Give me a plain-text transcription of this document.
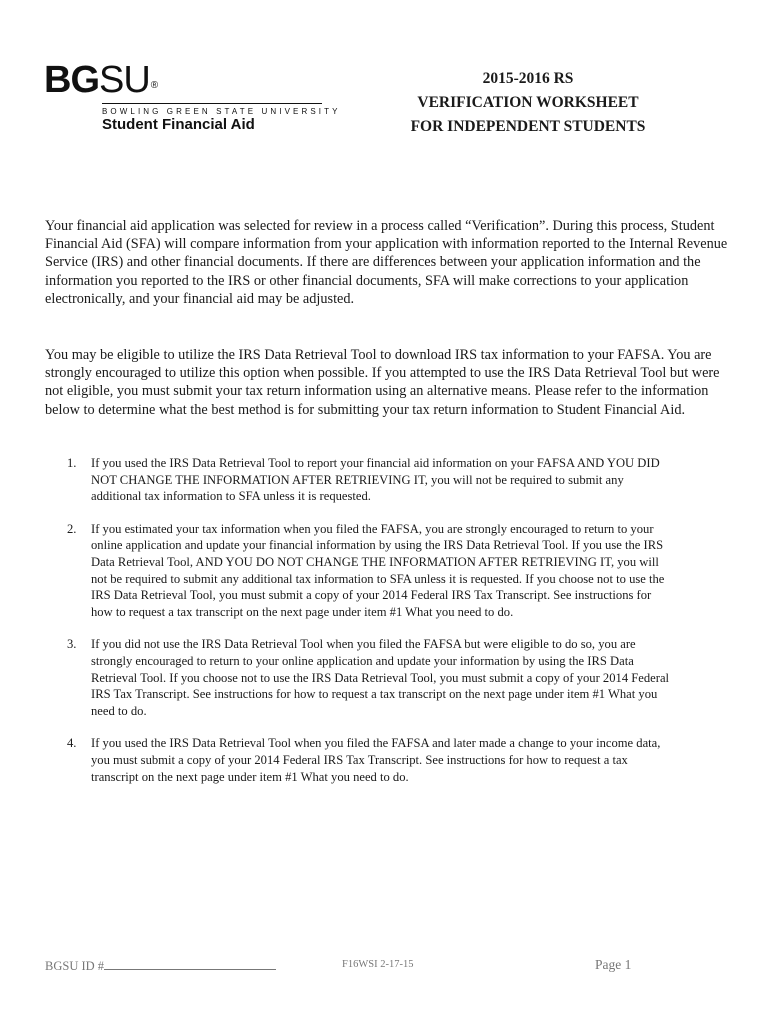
BGSU®
BOWLING GREEN STATE UNIVERSITY
Student Financial Aid
2015-2016 RS
VERIFICATION WORKSHEET
FOR INDEPENDENT STUDENTS

Your financial aid application was selected for review in a process called “Verification”. During this process, Student Financial Aid (SFA) will compare information from your application with information reported to the Internal Revenue Service (IRS) and other financial documents. If there are differences between your application information and the information you reported to the IRS or other financial documents, SFA will make corrections to your application electronically, and your financial aid may be adjusted.

You may be eligible to utilize the IRS Data Retrieval Tool to download IRS tax information to your FAFSA. You are strongly encouraged to utilize this option when possible. If you attempted to use the IRS Data Retrieval Tool but were not eligible, you must submit your tax return information using an alternative means. Please refer to the information below to determine what the best method is for submitting your tax return information to Student Financial Aid.

1. If you used the IRS Data Retrieval Tool to report your financial aid information on your FAFSA AND YOU DID NOT CHANGE THE INFORMATION AFTER RETRIEVING IT, you will not be required to submit any additional tax information to SFA unless it is requested.
2. If you estimated your tax information when you filed the FAFSA, you are strongly encouraged to return to your online application and update your financial information by using the IRS Data Retrieval Tool. If you use the IRS Data Retrieval Tool, AND YOU DO NOT CHANGE THE INFORMATION AFTER RETRIEVING IT, you will not be required to submit any additional tax information to SFA unless it is requested. If you choose not to use the IRS Data Retrieval Tool, you must submit a copy of your 2014 Federal IRS Tax Transcript. See instructions for how to request a tax transcript on the next page under item #1 What you need to do.
3. If you did not use the IRS Data Retrieval Tool when you filed the FAFSA but were eligible to do so, you are strongly encouraged to return to your online application and update your information by using the IRS Data Retrieval Tool. If you choose not to use the IRS Data Retrieval Tool, you must submit a copy of your 2014 Federal IRS Tax Transcript. See instructions for how to request a tax transcript on the next page under item #1 What you need to do.
4. If you used the IRS Data Retrieval Tool when you filed the FAFSA and later made a change to your income data, you must submit a copy of your 2014 Federal IRS Tax Transcript. See instructions for how to request a tax transcript on the next page under item #1 What you need to do.
BGSU ID #	F16WSI 2-17-15	Page 1
